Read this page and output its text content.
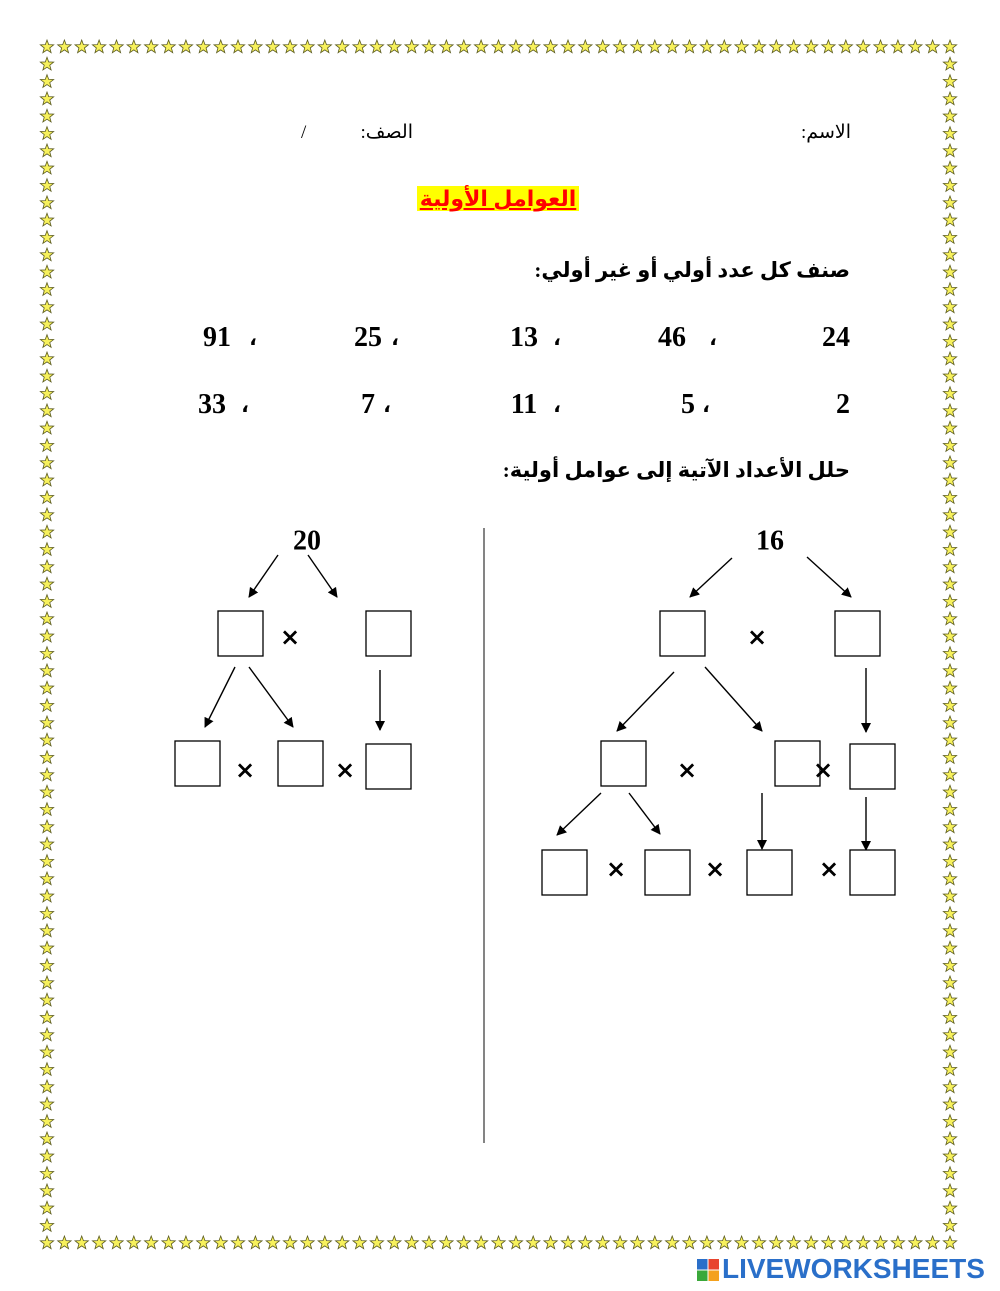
الاسم:
الصف:
/
العوامل الأولية
صنف كل عدد أولي أو غير أولي:
24
،
46
،
13
،
25
،
91
2
،
5
،
11
،
7
،
33
حلل الأعداد الآتية إلى عوامل أولية:
16
×
×	×
×	×	×
20
×
×	×
LIVEWORKSHEETS
